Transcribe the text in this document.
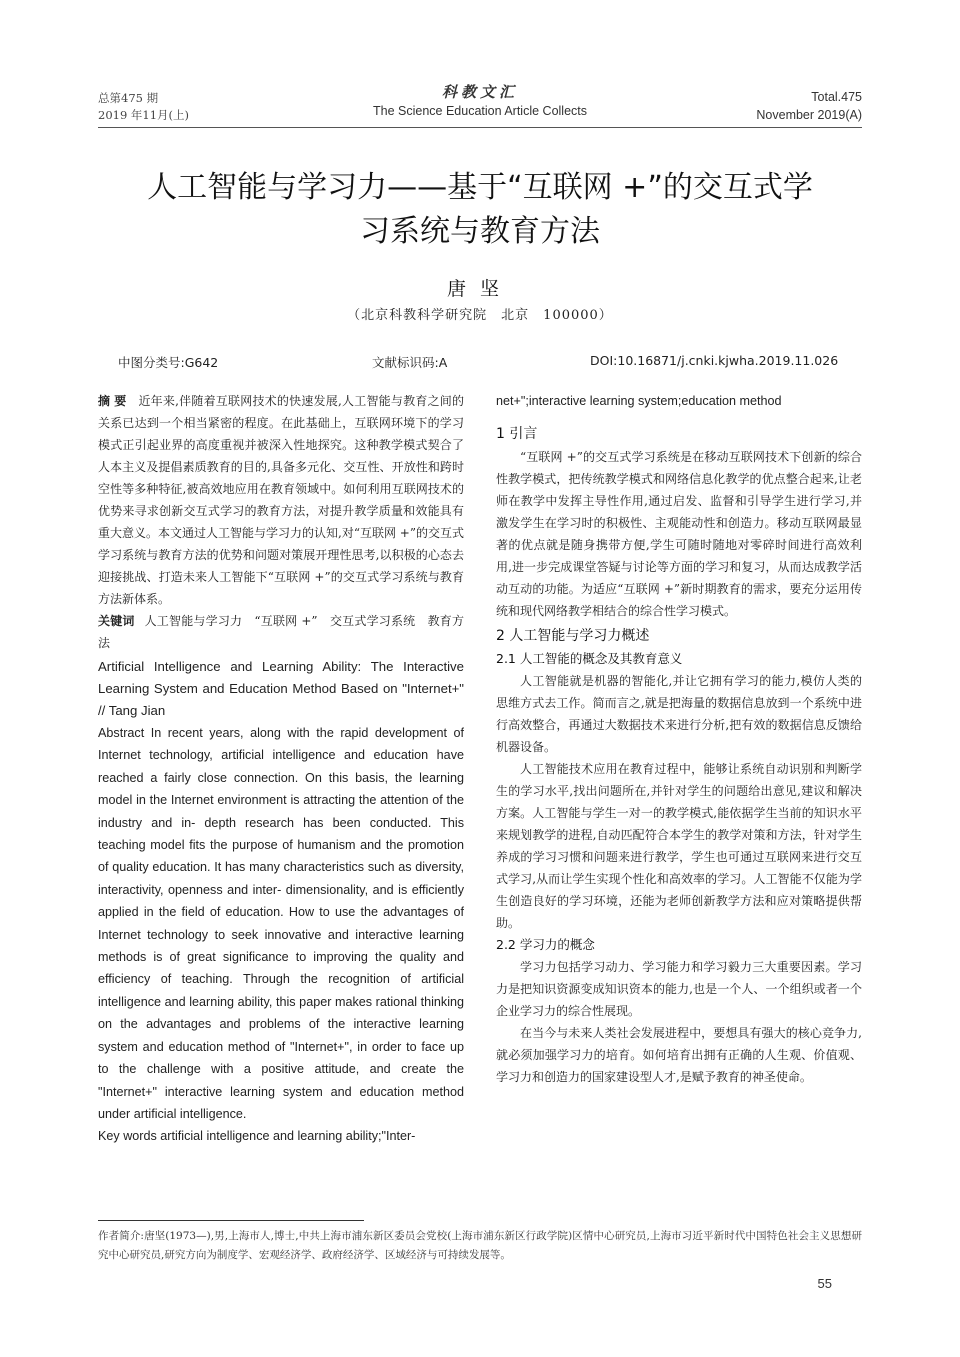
总第475 期
2019 年11月(上)
科教文汇
The Science Education Article Collects
Total.475
November 2019(A)
人工智能与学习力——基于“互联网 +”的交互式学
习系统与教育方法
唐坚
（北京科教科学研究院　北京　100000）
中图分类号:G642	文献标识码:A	DOI:10.16871/j.cnki.kjwha.2019.11.026

摘要 近年来,伴随着互联网技术的快速发展,人工智能与教育之间的关系已达到一个相当紧密的程度。在此基础上，互联网环境下的学习模式正引起业界的高度重视并被深入性地探究。这种教学模式契合了人本主义及提倡素质教育的目的,具备多元化、交互性、开放性和跨时空性等多种特征,被高效地应用在教育领域中。如何利用互联网技术的优势来寻求创新交互式学习的教育方法，对提升教学质量和效能具有重大意义。本文通过人工智能与学习力的认知,对“互联网 +”的交互式学习系统与教育方法的优势和问题对策展开理性思考,以积极的心态去迎接挑战、打造未来人工智能下“互联网 +”的交互式学习系统与教育方法新体系。

关键词 人工智能与学习力　“互联网 +”　交互式学习系统　教育方法

Artificial Intelligence and Learning Ability: The Interactive Learning System and Education Method Based on "Internet+" // Tang Jian

Abstract In recent years, along with the rapid development of Internet technology, artificial intelligence and education have reached a fairly close connection. On this basis, the learning model in the Internet environment is attracting the attention of the industry and in- depth research has been conducted. This teaching model fits the purpose of humanism and the promotion of quality education. It has many characteristics such as diversity, interactivity, openness and inter- dimensionality, and is efficiently applied in the field of education. How to use the advantages of Internet technology to seek innovative and interactive learning methods is of great significance to improving the quality and efficiency of teaching. Through the recognition of artificial intelligence and learning ability, this paper makes rational thinking on the advantages and problems of the interactive learning system and education method of "Internet+", in order to face up to the challenge with a positive attitude, and create the "Internet+" interactive learning system and education method under artificial intelligence.

Key words artificial intelligence and learning ability;"Inter-

net+";interactive learning system;education method

1 引言

“互联网 +”的交互式学习系统是在移动互联网技术下创新的综合性教学模式，把传统教学模式和网络信息化教学的优点整合起来,让老师在教学中发挥主导性作用,通过启发、监督和引导学生进行学习,并激发学生在学习时的积极性、主观能动性和创造力。移动互联网最显著的优点就是随身携带方便,学生可随时随地对零碎时间进行高效利用,进一步完成课堂答疑与讨论等方面的学习和复习，从而达成教学活动互动的功能。为适应“互联网 +”新时期教育的需求，要充分运用传统和现代网络教学相结合的综合性学习模式。

2 人工智能与学习力概述

2.1 人工智能的概念及其教育意义

人工智能就是机器的智能化,并让它拥有学习的能力,模仿人类的思维方式去工作。简而言之,就是把海量的数据信息放到一个系统中进行高效整合，再通过大数据技术来进行分析,把有效的数据信息反馈给机器设备。

人工智能技术应用在教育过程中，能够让系统自动识别和判断学生的学习水平,找出问题所在,并针对学生的问题给出意见,建议和解决方案。人工智能与学生一对一的教学模式,能依据学生当前的知识水平来规划教学的进程,自动匹配符合本学生的教学对策和方法，针对学生养成的学习习惯和问题来进行教学，学生也可通过互联网来进行交互式学习,从而让学生实现个性化和高效率的学习。人工智能不仅能为学生创造良好的学习环境，还能为老师创新教学方法和应对策略提供帮助。

2.2 学习力的概念

学习力包括学习动力、学习能力和学习毅力三大重要因素。学习力是把知识资源变成知识资本的能力,也是一个人、一个组织或者一个企业学习力的综合性展现。

在当今与未来人类社会发展进程中，要想具有强大的核心竞争力,就必须加强学习力的培育。如何培育出拥有正确的人生观、价值观、学习力和创造力的国家建设型人才,是赋予教育的神圣使命。

作者简介:唐坚(1973—),男,上海市人,博士,中共上海市浦东新区委员会党校(上海市浦东新区行政学院)区情中心研究员,上海市习近平新时代中国特色社会主义思想研究中心研究员,研究方向为制度学、宏观经济学、政府经济学、区域经济与可持续发展等。
55
